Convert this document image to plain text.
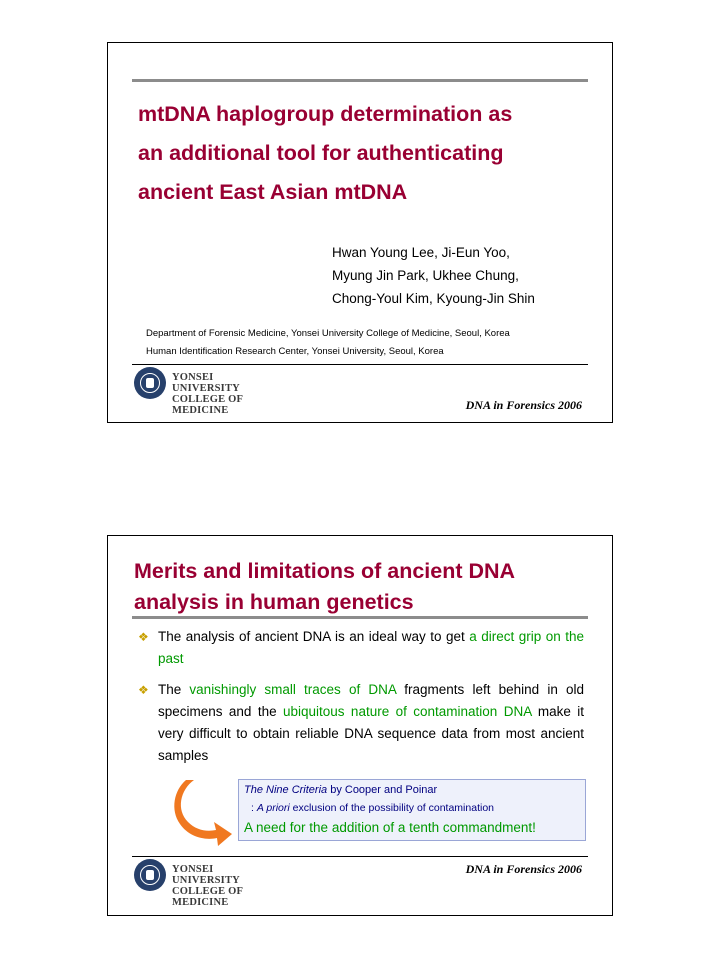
mtDNA haplogroup determination as
an additional tool for authenticating
ancient East Asian mtDNA
Hwan Young Lee, Ji-Eun Yoo,
Myung Jin Park, Ukhee Chung,
Chong-Youl Kim, Kyoung-Jin Shin
Department of Forensic Medicine, Yonsei University College of Medicine, Seoul, Korea
Human Identification Research Center, Yonsei University, Seoul, Korea
DNA in Forensics 2006
YONSEI UNIVERSITY
COLLEGE OF MEDICINE
Merits and limitations of ancient DNA
analysis in human genetics
❖ The analysis of ancient DNA is an ideal way to get a direct grip on the past
❖ The vanishingly small traces of DNA fragments left behind in old specimens and the ubiquitous nature of contamination DNA make it very difficult to obtain reliable DNA sequence data from most ancient samples
The Nine Criteria by Cooper and Poinar
: A priori exclusion of the possibility of contamination
A need for the addition of a tenth commandment!
DNA in Forensics 2006
YONSEI UNIVERSITY
COLLEGE OF MEDICINE
